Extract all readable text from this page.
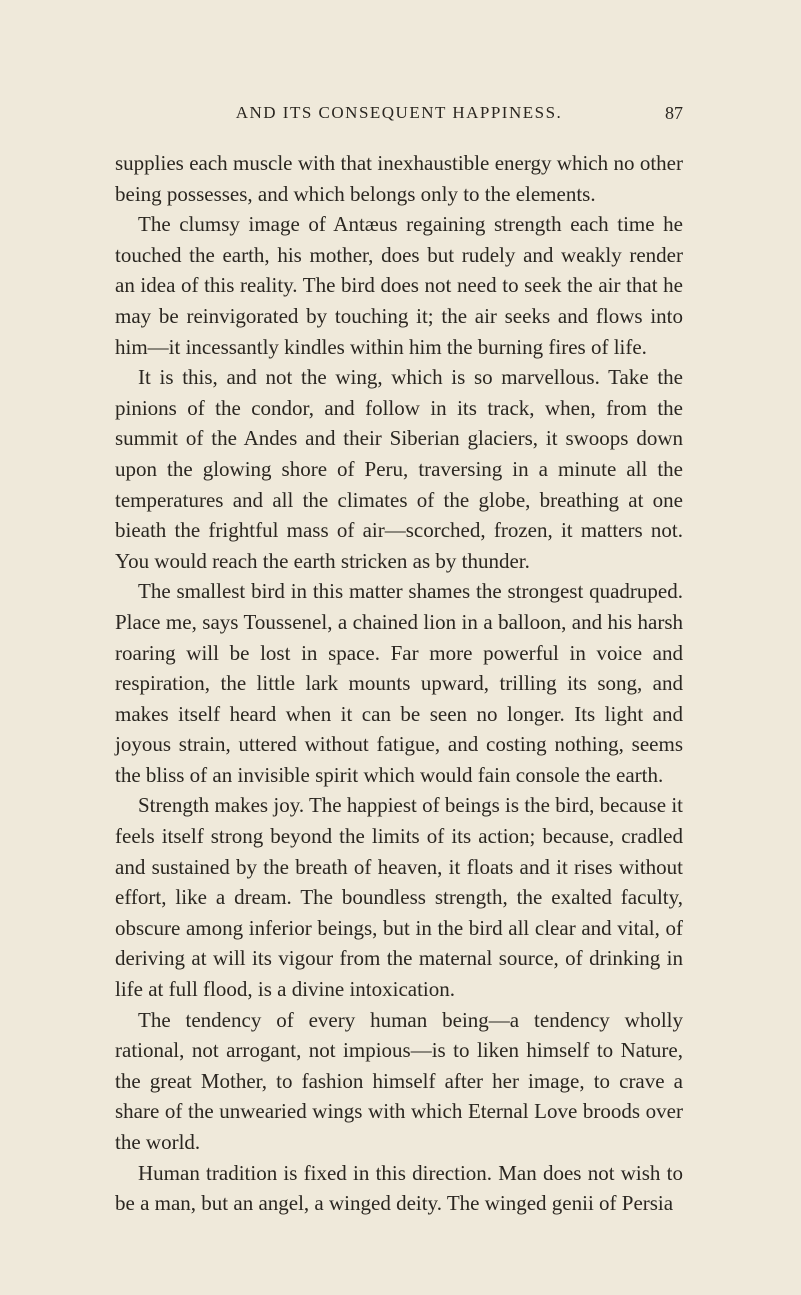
AND ITS CONSEQUENT HAPPINESS.	87

supplies each muscle with that inexhaustible energy which no other being possesses, and which belongs only to the elements.

The clumsy image of Antæus regaining strength each time he touched the earth, his mother, does but rudely and weakly render an idea of this reality. The bird does not need to seek the air that he may be reinvigorated by touching it; the air seeks and flows into him—it incessantly kindles within him the burning fires of life.

It is this, and not the wing, which is so marvellous. Take the pinions of the condor, and follow in its track, when, from the summit of the Andes and their Siberian glaciers, it swoops down upon the glowing shore of Peru, traversing in a minute all the temperatures and all the climates of the globe, breathing at one bieath the frightful mass of air—scorched, frozen, it matters not. You would reach the earth stricken as by thunder.

The smallest bird in this matter shames the strongest quadruped. Place me, says Toussenel, a chained lion in a balloon, and his harsh roaring will be lost in space. Far more powerful in voice and respiration, the little lark mounts upward, trilling its song, and makes itself heard when it can be seen no longer. Its light and joyous strain, uttered without fatigue, and costing nothing, seems the bliss of an invisible spirit which would fain console the earth.

Strength makes joy. The happiest of beings is the bird, because it feels itself strong beyond the limits of its action; because, cradled and sustained by the breath of heaven, it floats and it rises without effort, like a dream. The boundless strength, the exalted faculty, obscure among inferior beings, but in the bird all clear and vital, of deriving at will its vigour from the maternal source, of drinking in life at full flood, is a divine intoxication.

The tendency of every human being—a tendency wholly rational, not arrogant, not impious—is to liken himself to Nature, the great Mother, to fashion himself after her image, to crave a share of the unwearied wings with which Eternal Love broods over the world.

Human tradition is fixed in this direction. Man does not wish to be a man, but an angel, a winged deity. The winged genii of Persia
